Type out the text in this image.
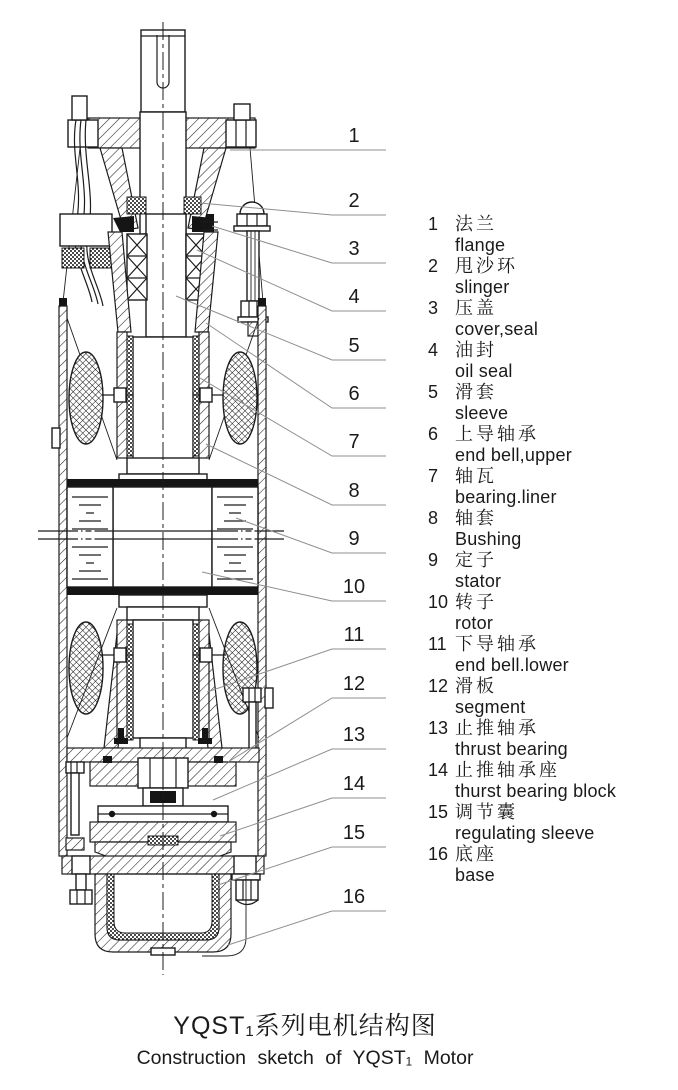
1
2
3
4
5
6
7
8
9
10
11
12
13
14
15
16
1 法兰
flange
2 甩沙环
slinger
3 压盖
cover,seal
4 油封
oil seal
5 滑套
sleeve
6 上导轴承
end bell,upper
7 轴瓦
bearing.liner
8 轴套
Bushing
9 定子
stator
10 转子
rotor
11 下导轴承
end bell.lower
12 滑板
segment
13 止推轴承
thrust bearing
14 止推轴承座
thurst bearing block
15 调节囊
regulating sleeve
16 底座
base
$YQST_1$系列电机结构图
Construction sketch of $YQST_1$ Motor
